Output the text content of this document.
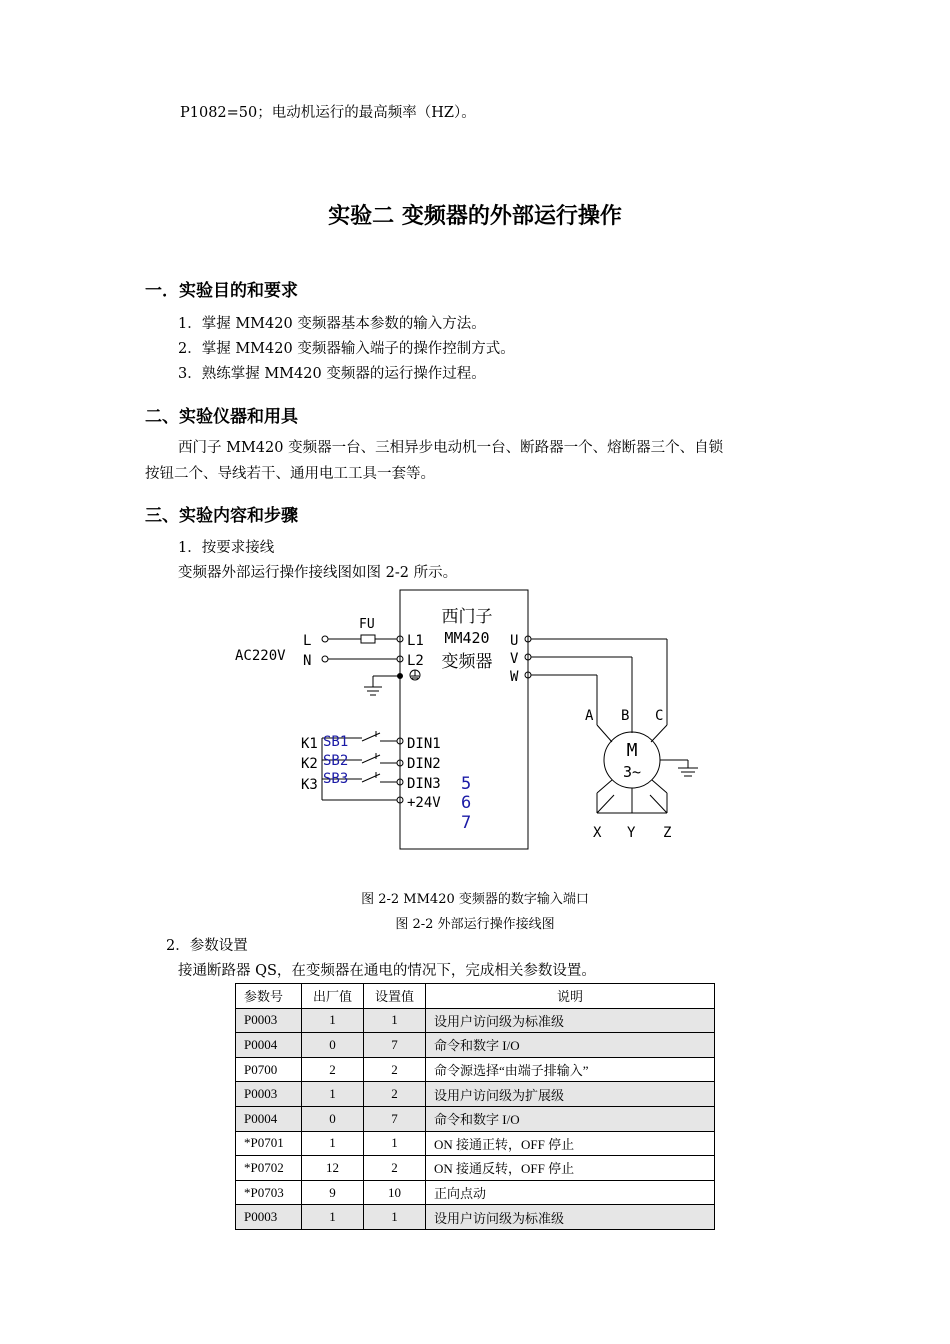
P1082=50；电动机运行的最高频率（HZ）。
实验二 变频器的外部运行操作
一．实验目的和要求
1．掌握 MM420 变频器基本参数的输入方法。
2．掌握 MM420 变频器输入端子的操作控制方式。
3．熟练掌握 MM420 变频器的运行操作过程。
二、实验仪器和用具
西门子 MM420 变频器一台、三相异步电动机一台、断路器一个、熔断器三个、自锁
按钮二个、导线若干、通用电工工具一套等。
三、实验内容和步骤
1．按要求接线
变频器外部运行操作接线图如图 2-2 所示。
西门子
MM420
变频器
AC220V
L
N
FU
L1
L2
U
V
W
A B C
M
3~
X Y Z
K1
K2
K3
SB1
SB2
SB3
DIN1
DIN2
DIN3
+24V
5
6
7
图 2-2 MM420 变频器的数字输入端口
图 2-2 外部运行操作接线图
2．参数设置
接通断路器 QS，在变频器在通电的情况下，完成相关参数设置。
参数号	出厂值	设置值	说明
P0003	1	1	设用户访问级为标准级
P0004	0	7	命令和数字 I/O
P0700	2	2	命令源选择“由端子排输入”
P0003	1	2	设用户访问级为扩展级
P0004	0	7	命令和数字 I/O
*P0701	1	1	ON 接通正转，OFF 停止
*P0702	12	2	ON 接通反转，OFF 停止
*P0703	9	10	正向点动
P0003	1	1	设用户访问级为标准级
